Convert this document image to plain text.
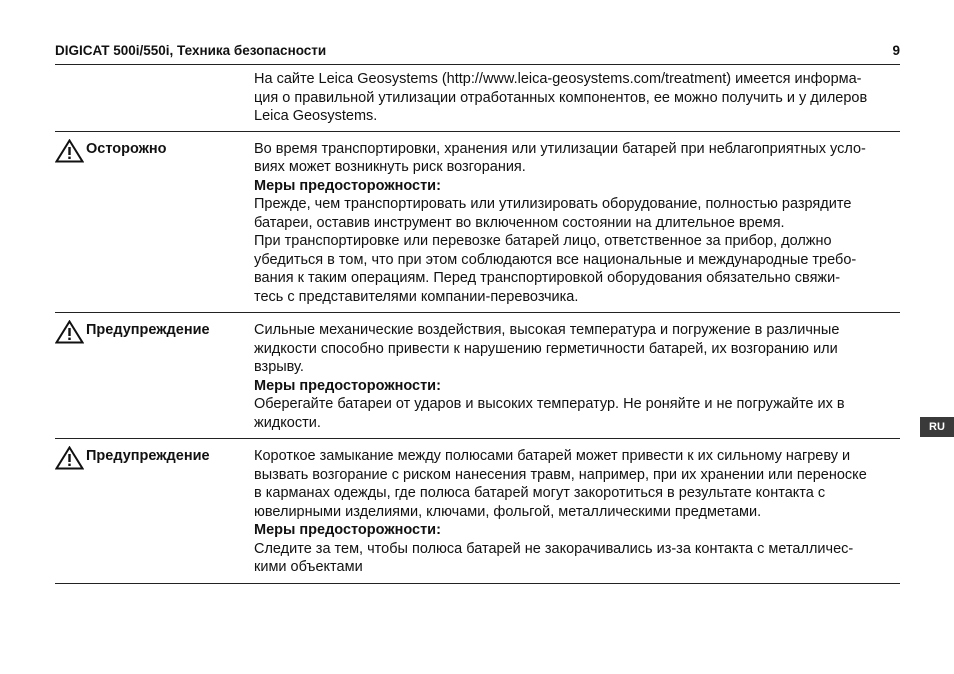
DIGICAT 500i/550i, Техника безопасности	9

На сайте Leica Geosystems (http://www.leica-geosystems.com/treatment) имеется информа-

ция о правильной утилизации отработанных компонентов, ее можно получить и у дилеров

Leica Geosystems.

Осторожно	Во время транспортировки, хранения или утилизации батарей при неблагоприятных усло-

виях может возникнуть риск возгорания.

Меры предосторожности:

Прежде, чем транспортировать или утилизировать оборудование, полностью разрядите

батареи, оставив инструмент во включенном состоянии на длительное время.

При транспортировке или перевозке батарей лицо, ответственное за прибор, должно

убедиться в том, что при этом соблюдаются все национальные и международные требо-

вания к таким операциям. Перед транспортировкой оборудования обязательно свяжи-

тесь с представителями компании-перевозчика.

Предупреждение	Сильные механические воздействия, высокая температура и погружение в различные

жидкости способно привести к нарушению герметичности батарей, их возгоранию или

взрыву.

Меры предосторожности:

Оберегайте батареи от ударов и высоких температур. Не роняйте и не погружайте их в

жидкости.

Предупреждение	Короткое замыкание между полюсами батарей может привести к их сильному нагреву и

вызвать возгорание с риском нанесения травм, например, при их хранении или переноске

в карманах одежды, где полюса батарей могут закоротиться в результате контакта с

ювелирными изделиями, ключами, фольгой, металлическими предметами.

Меры предосторожности:

Следите за тем, чтобы полюса батарей не закорачивались из-за контакта с металличес-

кими объектами

RU
